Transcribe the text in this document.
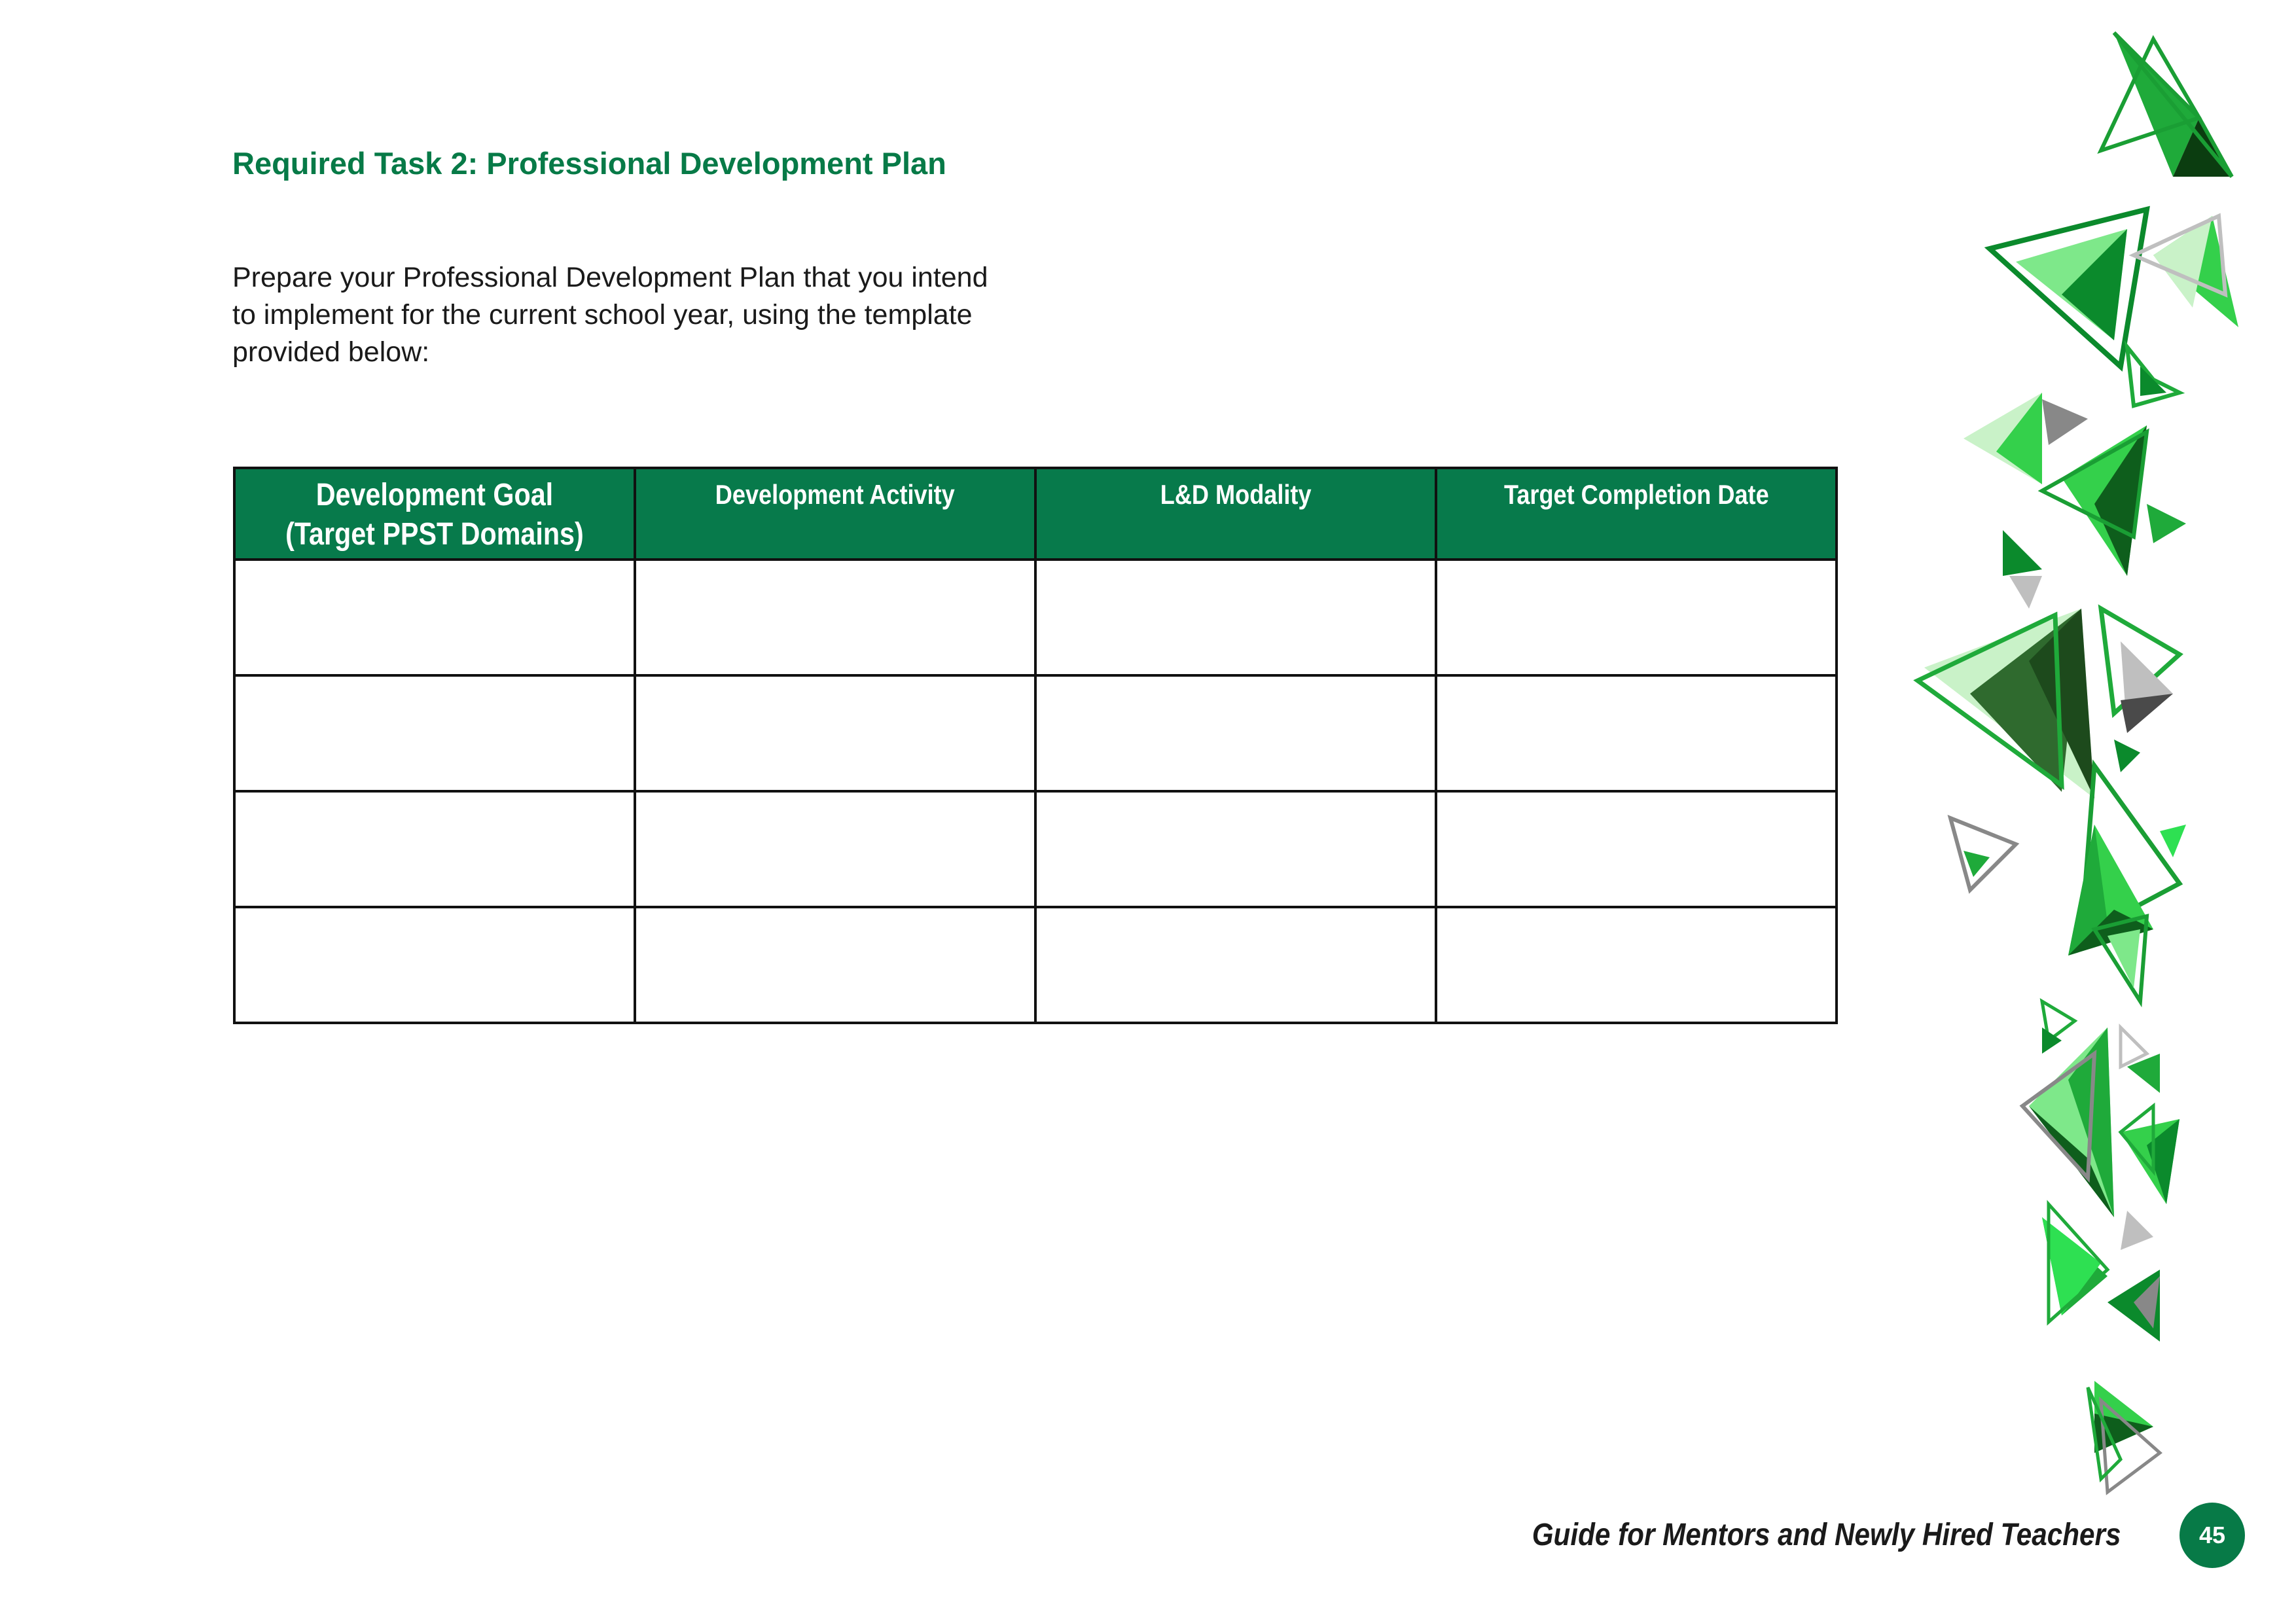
Required Task 2: Professional Development Plan
Prepare your Professional Development Plan that you intend to implement for the current school year, using the template provided below:
Development Goal
(Target PPST Domains)	Development Activity	L&D Modality	Target Completion Date

Guide for Mentors and Newly Hired Teachers	45
